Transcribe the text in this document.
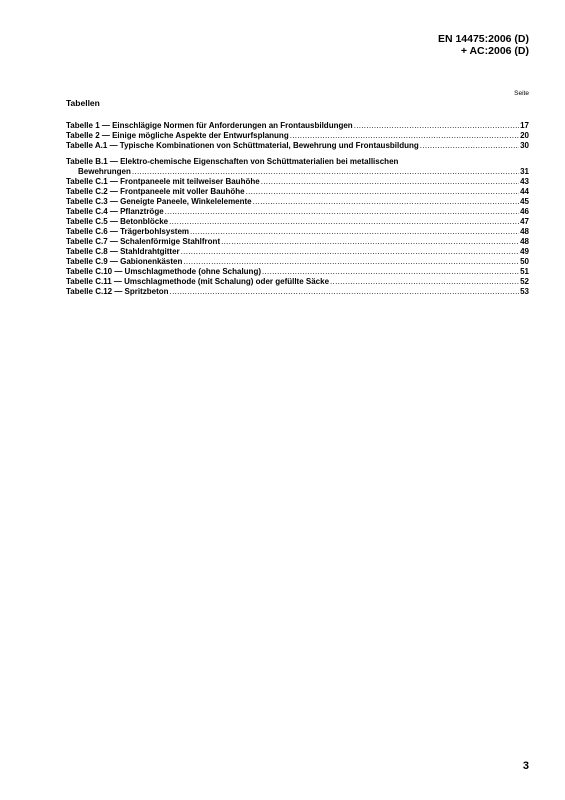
EN 14475:2006 (D)
+ AC:2006 (D)
Seite
Tabellen
Tabelle 1 — Einschlägige Normen für Anforderungen an Frontausbildungen .....	17
Tabelle 2 — Einige mögliche Aspekte der Entwurfsplanung .....	20
Tabelle A.1 — Typische Kombinationen von Schüttmaterial, Bewehrung und Frontausbildung .....	30
Tabelle B.1 — Elektro-chemische Eigenschaften von Schüttmaterialien bei metallischen
Bewehrungen .....	31
Tabelle C.1 — Frontpaneele mit teilweiser Bauhöhe .....	43
Tabelle C.2 — Frontpaneele mit voller Bauhöhe .....	44
Tabelle C.3 — Geneigte Paneele, Winkelelemente .....	45
Tabelle C.4 — Pflanztröge .....	46
Tabelle C.5 — Betonblöcke .....	47
Tabelle C.6 — Trägerbohlsystem .....	48
Tabelle C.7 — Schalenförmige Stahlfront .....	48
Tabelle C.8 — Stahldrahtgitter .....	49
Tabelle C.9 — Gabionenkästen .....	50
Tabelle C.10 — Umschlagmethode (ohne Schalung) .....	51
Tabelle C.11 — Umschlagmethode (mit Schalung) oder gefüllte Säcke .....	52
Tabelle C.12 — Spritzbeton .....	53
3
